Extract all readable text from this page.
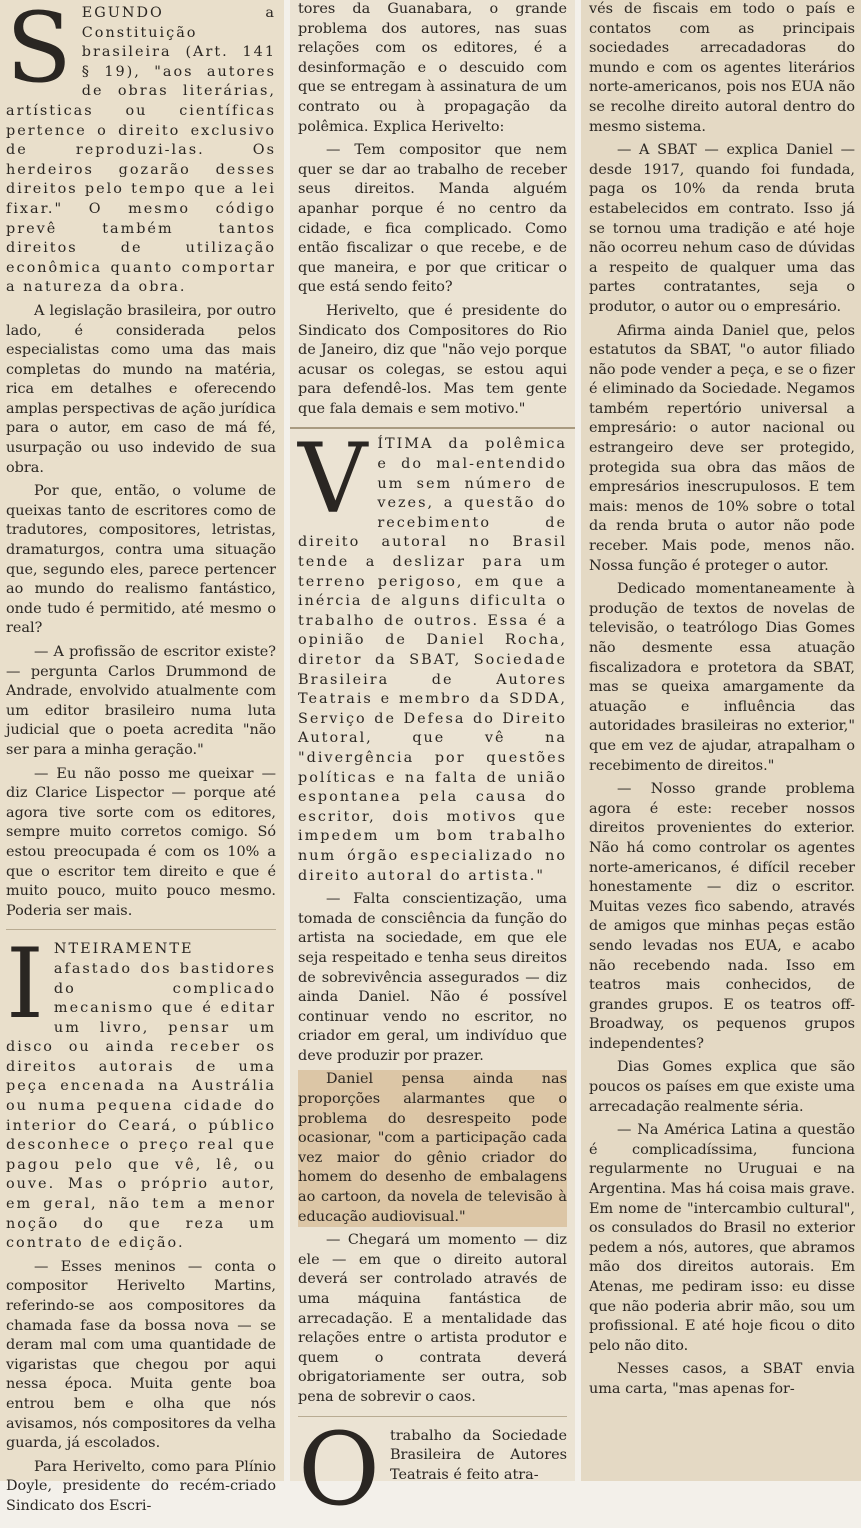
S EGUNDO a Constituição brasileira (Art. 141 § 19), "aos autores de obras literárias, artísticas ou científicas pertence o direito exclusivo de reproduzi-las. Os herdeiros gozarão desses direitos pelo tempo que a lei fixar." O mesmo código prevê também tantos direitos de utilização econômica quanto comportar a natureza da obra.

A legislação brasileira, por outro lado, é considerada pelos especialistas como uma das mais completas do mundo na matéria, rica em detalhes e oferecendo amplas perspectivas de ação jurídica para o autor, em caso de má fé, usurpação ou uso indevido de sua obra.

Por que, então, o volume de queixas tanto de escritores como de tradutores, compositores, letristas, dramaturgos, contra uma situação que, segundo eles, parece pertencer ao mundo do realismo fantástico, onde tudo é permitido, até mesmo o real?

— A profissão de escritor existe? — pergunta Carlos Drummond de Andrade, envolvido atualmente com um editor brasileiro numa luta judicial que o poeta acredita "não ser para a minha geração."

— Eu não posso me queixar — diz Clarice Lispector — porque até agora tive sorte com os editores, sempre muito corretos comigo. Só estou preocupada é com os 10% a que o escritor tem direito e que é muito pouco, muito pouco mesmo. Poderia ser mais.

I NTEIRAMENTE afastado dos bastidores do complicado mecanismo que é editar um livro, pensar um disco ou ainda receber os direitos autorais de uma peça encenada na Austrália ou numa pequena cidade do interior do Ceará, o público desconhece o preço real que pagou pelo que vê, lê, ou ouve. Mas o próprio autor, em geral, não tem a menor noção do que reza um contrato de edição.

— Esses meninos — conta o compositor Herivelto Martins, referindo-se aos compositores da chamada fase da bossa nova — se deram mal com uma quantidade de vigaristas que chegou por aqui nessa época. Muita gente boa entrou bem e olha que nós avisamos, nós compositores da velha guarda, já escolados.

Para Herivelto, como para Plínio Doyle, presidente do recém-criado Sindicato dos Escri-

tores da Guanabara, o grande problema dos autores, nas suas relações com os editores, é a desinformação e o descuido com que se entregam à assinatura de um contrato ou à propagação da polêmica. Explica Herivelto:

— Tem compositor que nem quer se dar ao trabalho de receber seus direitos. Manda alguém apanhar porque é no centro da cidade, e fica complicado. Como então fiscalizar o que recebe, e de que maneira, e por que criticar o que está sendo feito?

Herivelto, que é presidente do Sindicato dos Compositores do Rio de Janeiro, diz que "não vejo porque acusar os colegas, se estou aqui para defendê-los. Mas tem gente que fala demais e sem motivo."

V ÍTIMA da polêmica e do mal-entendido um sem número de vezes, a questão do recebimento de direito autoral no Brasil tende a deslizar para um terreno perigoso, em que a inércia de alguns dificulta o trabalho de outros. Essa é a opinião de Daniel Rocha, diretor da SBAT, Sociedade Brasileira de Autores Teatrais e membro da SDDA, Serviço de Defesa do Direito Autoral, que vê na "divergência por questões políticas e na falta de união espontanea pela causa do escritor, dois motivos que impedem um bom trabalho num órgão especializado no direito autoral do artista."

— Falta conscientização, uma tomada de consciência da função do artista na sociedade, em que ele seja respeitado e tenha seus direitos de sobrevivência assegurados — diz ainda Daniel. Não é possível continuar vendo no escritor, no criador em geral, um indivíduo que deve produzir por prazer.

Daniel pensa ainda nas proporções alarmantes que o problema do desrespeito pode ocasionar, "com a participação cada vez maior do gênio criador do homem do desenho de embalagens ao cartoon, da novela de televisão à educação audiovisual."

— Chegará um momento — diz ele — em que o direito autoral deverá ser controlado através de uma máquina fantástica de arrecadação. E a mentalidade das relações entre o artista produtor e quem o contrata deverá obrigatoriamente ser outra, sob pena de sobrevir o caos.

O trabalho da Sociedade Brasileira de Autores Teatrais é feito atra-

vés de fiscais em todo o país e contatos com as principais sociedades arrecadadoras do mundo e com os agentes literários norte-americanos, pois nos EUA não se recolhe direito autoral dentro do mesmo sistema.

— A SBAT — explica Daniel — desde 1917, quando foi fundada, paga os 10% da renda bruta estabelecidos em contrato. Isso já se tornou uma tradição e até hoje não ocorreu nehum caso de dúvidas a respeito de qualquer uma das partes contratantes, seja o produtor, o autor ou o empresário.

Afirma ainda Daniel que, pelos estatutos da SBAT, "o autor filiado não pode vender a peça, e se o fizer é eliminado da Sociedade. Negamos também repertório universal a empresário: o autor nacional ou estrangeiro deve ser protegido, protegida sua obra das mãos de empresários inescrupulosos. E tem mais: menos de 10% sobre o total da renda bruta o autor não pode receber. Mais pode, menos não. Nossa função é proteger o autor.

Dedicado momentaneamente à produção de textos de novelas de televisão, o teatrólogo Dias Gomes não desmente essa atuação fiscalizadora e protetora da SBAT, mas se queixa amargamente da atuação e influência das autoridades brasileiras no exterior," que em vez de ajudar, atrapalham o recebimento de direitos."

— Nosso grande problema agora é este: receber nossos direitos provenientes do exterior. Não há como controlar os agentes norte-americanos, é difícil receber honestamente — diz o escritor. Muitas vezes fico sabendo, através de amigos que minhas peças estão sendo levadas nos EUA, e acabo não recebendo nada. Isso em teatros mais conhecidos, de grandes grupos. E os teatros off-Broadway, os pequenos grupos independentes?

Dias Gomes explica que são poucos os países em que existe uma arrecadação realmente séria.

— Na América Latina a questão é complicadíssima, funciona regularmente no Uruguai e na Argentina. Mas há coisa mais grave. Em nome de "intercambio cultural", os consulados do Brasil no exterior pedem a nós, autores, que abramos mão dos direitos autorais. Em Atenas, me pediram isso: eu disse que não poderia abrir mão, sou um profissional. E até hoje ficou o dito pelo não dito.

Nesses casos, a SBAT envia uma carta, "mas apenas for-
